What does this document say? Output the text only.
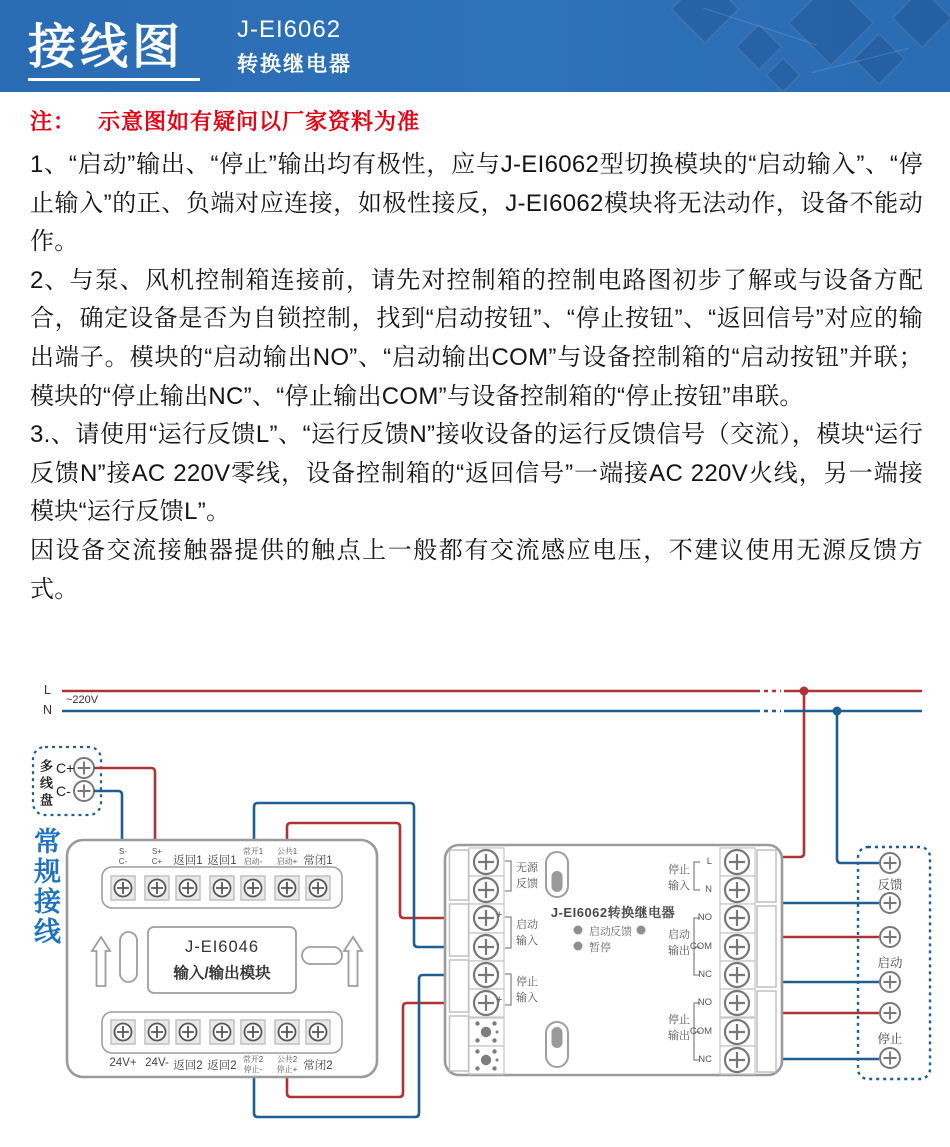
接线图 J-EI6062
转换继电器
注： 示意图如有疑问以厂家资料为准

1、“启动”输出、“停止”输出均有极性，应与J-EI6062型切换模块的“启动输入”、“停止输入”的正、负端对应连接，如极性接反，J-EI6062模块将无法动作，设备不能动作。

2、与泵、风机控制箱连接前，请先对控制箱的控制电路图初步了解或与设备方配合，确定设备是否为自锁控制，找到“启动按钮”、“停止按钮”、“返回信号”对应的输出端子。模块的“启动输出NO”、“启动输出COM”与设备控制箱的“启动按钮”并联；模块的“停止输出NC”、“停止输出COM”与设备控制箱的“停止按钮”串联。

3.、请使用“运行反馈L”、“运行反馈N”接收设备的运行反馈信号（交流），模块“运行反馈N”接AC 220V零线，设备控制箱的“返回信号”一端接AC 220V火线，另一端接模块“运行反馈L”。

因设备交流接触器提供的触点上一般都有交流感应电压，不建议使用无源反馈方式。

L
N
~220V
多线盘 C+
C-
常规接线	S-
C-
S+
C+ 返回1 返回1
常开1
启动-
公共1
启动+ 常闭1
J-EI6046
输入/输出模块
24V+ 24V- 返回2 返回2
常开2
停止-
公共2
停止+ 常闭2
J-EI6062转换继电器
启动 反馈
暂停
无源
反馈
+
启动
输入
-
-
停止
输入
+
停止
输入
启动
输出
停止
输出
L
N
NO
COM
NC
NO
COM
NC
反馈
启动
停止
